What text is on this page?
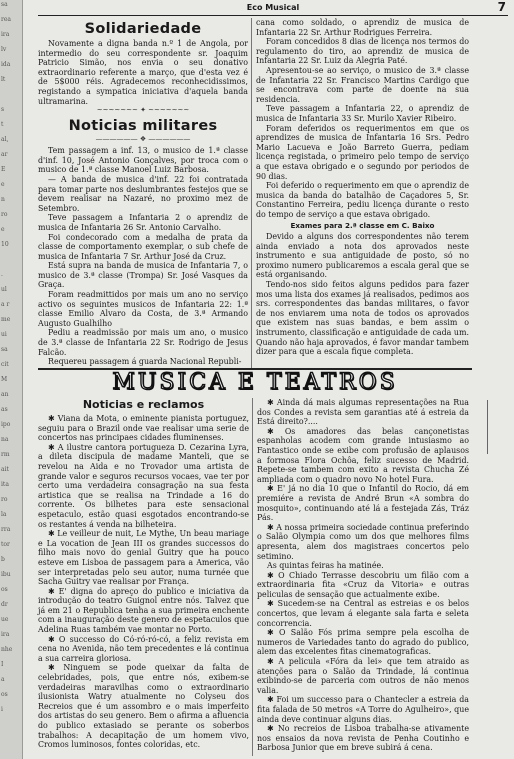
sa
rea
ira
lv
ida
lt
s
t
al,
ar
E
e
n
ro
e
10
.
ul
a r
me
ui
sa
cit
M
an
as
ipo
na
rm
ait
ita
ro
la
rra
tor
b
ibu
os
dr
ue
ira
nhe
I
a
os
i
Eco Musical	7
Solidariedade

Novamente a digna banda n.º 1 de Angola, por intermedio do seu correspondente sr. Joaquim Patricio Simão, nos envia o seu donativo extraordinario referente a março, que d'esta vez é de 5$000 réis. Agradecemos reconhecidissimos, registando a sympatica iniciativa d'aquela banda ultramarina.

~~~~~~~ ✦ ~~~~~~~
Noticias militares
—————— ❖ ——————

Tem passagem a inf. 13, o musico de 1.ª classe d'inf. 10, José Antonio Gonçalves, por troca com o musico de 1.ª classe Manoel Luiz Barbosa.

— A banda de musica d'inf. 22 foi contratada para tomar parte nos deslumbrantes festejos que se devem realisar na Nazaré, no proximo mez de Setembro.

Teve passagem a Infantaria 2 o aprendiz de musica de Infantaria 26 Sr. Antonio Carvalho.

Foi condecorado com a medalha de prata da classe de comportamento exemplar, o sub chefe de musica de Infantaria 7 Sr. Arthur José da Cruz.

Está supra na banda de musica de Infantaria 7, o musico de 3.ª classe (Trompa) Sr. José Vasques da Graça.

Foram readmittidos por mais um ano no serviço activo os seguintes musicos de Infantaria 22: 1.ª classe Emilio Alvaro da Costa, de 3.ª Armando Augusto Gualhilho

Pediu a readmissão por mais um ano, o musico de 3.ª classe de Infantaria 22 Sr. Rodrigo de Jesus Falcão.

Requereu passagem á guarda Nacional Republi-

cana como soldado, o aprendiz de musica de Infantaria 22 Sr. Arthur Rodrigues Ferreira.

Foram concedidos 8 dias de licença nos termos do regulamento do tiro, ao aprendiz de musica de Infantaria 22 Sr. Luiz da Alegria Paté.

Apresentou-se ao serviço, o musico de 3.ª classe de Infantaria 22 Sr. Francisco Martins Cardigo que se encontrava com parte de doente na sua residencia.

Teve passagem a Infantaria 22, o aprendiz de musica de Infantaria 33 Sr. Murilo Xavier Ribeiro.

Foram deferidos os requerimentos em que os aprendizes de musica de Infantaria 16 Srs. Pedro Mario Lacueva e João Barreto Guerra, pediam licença registada, o primeiro pelo tempo de serviço a que estava obrigado e o segundo por periodos de 90 dias.

Foi deferido o requerimento em que o aprendiz de musica da banda do batalhão de Caçadores 5, Sr. Constantino Ferreira, pediu licença durante o resto do tempo de serviço a que estava obrigado.

Exames para 2.ª classe em C. Baixo

Devido a alguns dos correspondentes não terem ainda enviado a nota dos aprovados neste instrumento e sua antiguidade de posto, só no proximo numero publicaremos a escala geral que se está organisando.

Tendo-nos sido feitos alguns pedidos para fazer mos uma lista dos exames já realisados, pedimos aos srs. correspondentes das bandas militares, o favor de nos enviarem uma nota de todos os aprovados que existem nas suas bandas, e bem assim o instrumento, classificação e antiguidade de cada um. Quando não haja aprovados, é favor mandar tambem dizer para que a escala fique completa.

MUSICA E TEATROS
Noticias e reclamos

✱ Viana da Mota, o eminente pianista portuguez, seguiu para o Brazil onde vae realisar uma serie de concertos nas principaes cidades fluminenses.

✱ A ilustre cantora portugueza D. Cezarina Lyra, a dileta discipula de madame Manteli, que se revelou na Aida e no Trovador uma artista de grande valor e seguros recursos vocaes, vae ter por certo uma verdadeira consagração na sua festa artistica que se realisa na Trindade a 16 do corrente. Os bilhetes para este sensacional espetaculo, estão quasi esgotados encontrando-se os restantes á venda na bilheteira.

✱ Le veilleur de nuit, Le Mythe, Un beau mariage e La vocation de Jean III os grandes successos do filho mais novo do genial Guitry que ha pouco esteve em Lisboa de passagem para a America, vão ser interpretadas pelo seu autor, numa turnée que Sacha Guitry vae realisar por França.

✱ E' digna do apreço do publico e iniciativa da introdução do teatro Guignol entre nós. Talvez que já em 21 o Republica tenha a sua primeira enchente com a inauguração deste genero de espetaculos que Adelina Ruas também vae montar no Porto.

✱ O successo do Có-ró-ró-có, a feliz revista em cena no Avenida, não tem precedentes e lá continua a sua carreira gloriosa.

✱ Ninguem se pode queixar da falta de celebridades, pois, que entre nós, exibem-se verdadeiras maravilhas como o extraordinario ilusionista Watry atualmente no Colyseu dos Recreios que é um assombro e o mais imperfeito dos artistas do seu genero. Bem o afirma a afluencia do publico extasiado se perante os soberbos trabalhos: A decapitação de um homem vivo, Cromos luminosos, fontes coloridas, etc.

✱ Ainda dá mais algumas representações na Rua dos Condes a revista sem garantias até á estreia da Está direito?....

✱ Os amadores das belas cançonetistas espanholas acodem com grande intusiasmo ao Fantastico onde se exibe com profusão de aplausos a formosa Flora Ochôa, feliz sucesso de Madrid. Repete-se tambem com exito a revista Chucha Zé ampliada com o quadro novo No hotel Fura.

✱ E' já no dia 10 que o Infantil do Rocio, dá em premiére a revista de André Brun «A sombra do mosquito», continuando até lá a festejada Zás, Tráz Pás.

✱ A nossa primeira sociedade continua preferindo o Salão Olympia como um dos que melhores films apresenta, alem dos magistraes concertos pelo setimino.

As quintas feiras ha matinée.

✱ O Chiado Terrasse descobriu um filão com a extraordinaria fita «Cruz da Vitoria» e outras peliculas de sensação que actualmente exibe.

✱ Sucedem-se na Central as estreias e os belos concertos, que levam á elegante sala farta e seleta concorrencia.

✱ O Salão Fós prima sempre pela escolha de numeros de Variedades tanto do agrado do publico, alem das excelentes fitas cinematograficas.

✱ A pelicula «Fóra da lei» que tem atraido as atenções para o Salão da Trindade, lá continua exibindo-se de parceria com outros de não menos valia.

✱ Foi um successo para o Chantecler a estreia da fita falada de 50 metros «A Torre do Agulheiro», que ainda deve continuar alguns dias.

✱ No recreios de Lisboa trabalha-se ativamente nos ensaios da nova revista de Penha Coutinho e Barbosa Junior que em breve subirá á cena.
